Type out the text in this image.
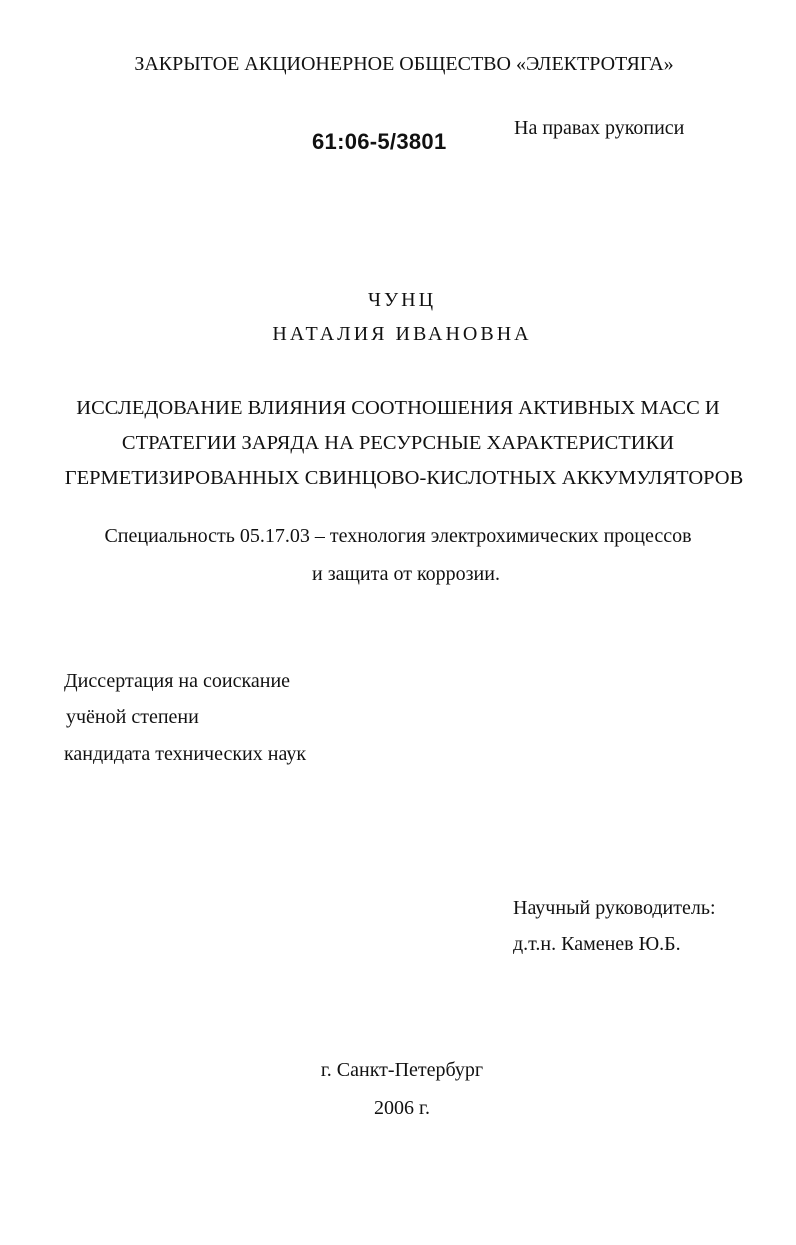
ЗАКРЫТОЕ АКЦИОНЕРНОЕ ОБЩЕСТВО «ЭЛЕКТРОТЯГА»
На правах рукописи
61:06-5/3801
ЧУНЦ
НАТАЛИЯ ИВАНОВНА
ИССЛЕДОВАНИЕ ВЛИЯНИЯ СООТНОШЕНИЯ АКТИВНЫХ МАСС И
СТРАТЕГИИ ЗАРЯДА НА РЕСУРСНЫЕ ХАРАКТЕРИСТИКИ
ГЕРМЕТИЗИРОВАННЫХ СВИНЦОВО-КИСЛОТНЫХ АККУМУЛЯТОРОВ
Специальность 05.17.03 – технология электрохимических процессов
и защита от коррозии.
Диссертация на соискание
учёной степени
кандидата технических наук
Научный руководитель:
д.т.н. Каменев Ю.Б.
г. Санкт-Петербург
2006 г.
